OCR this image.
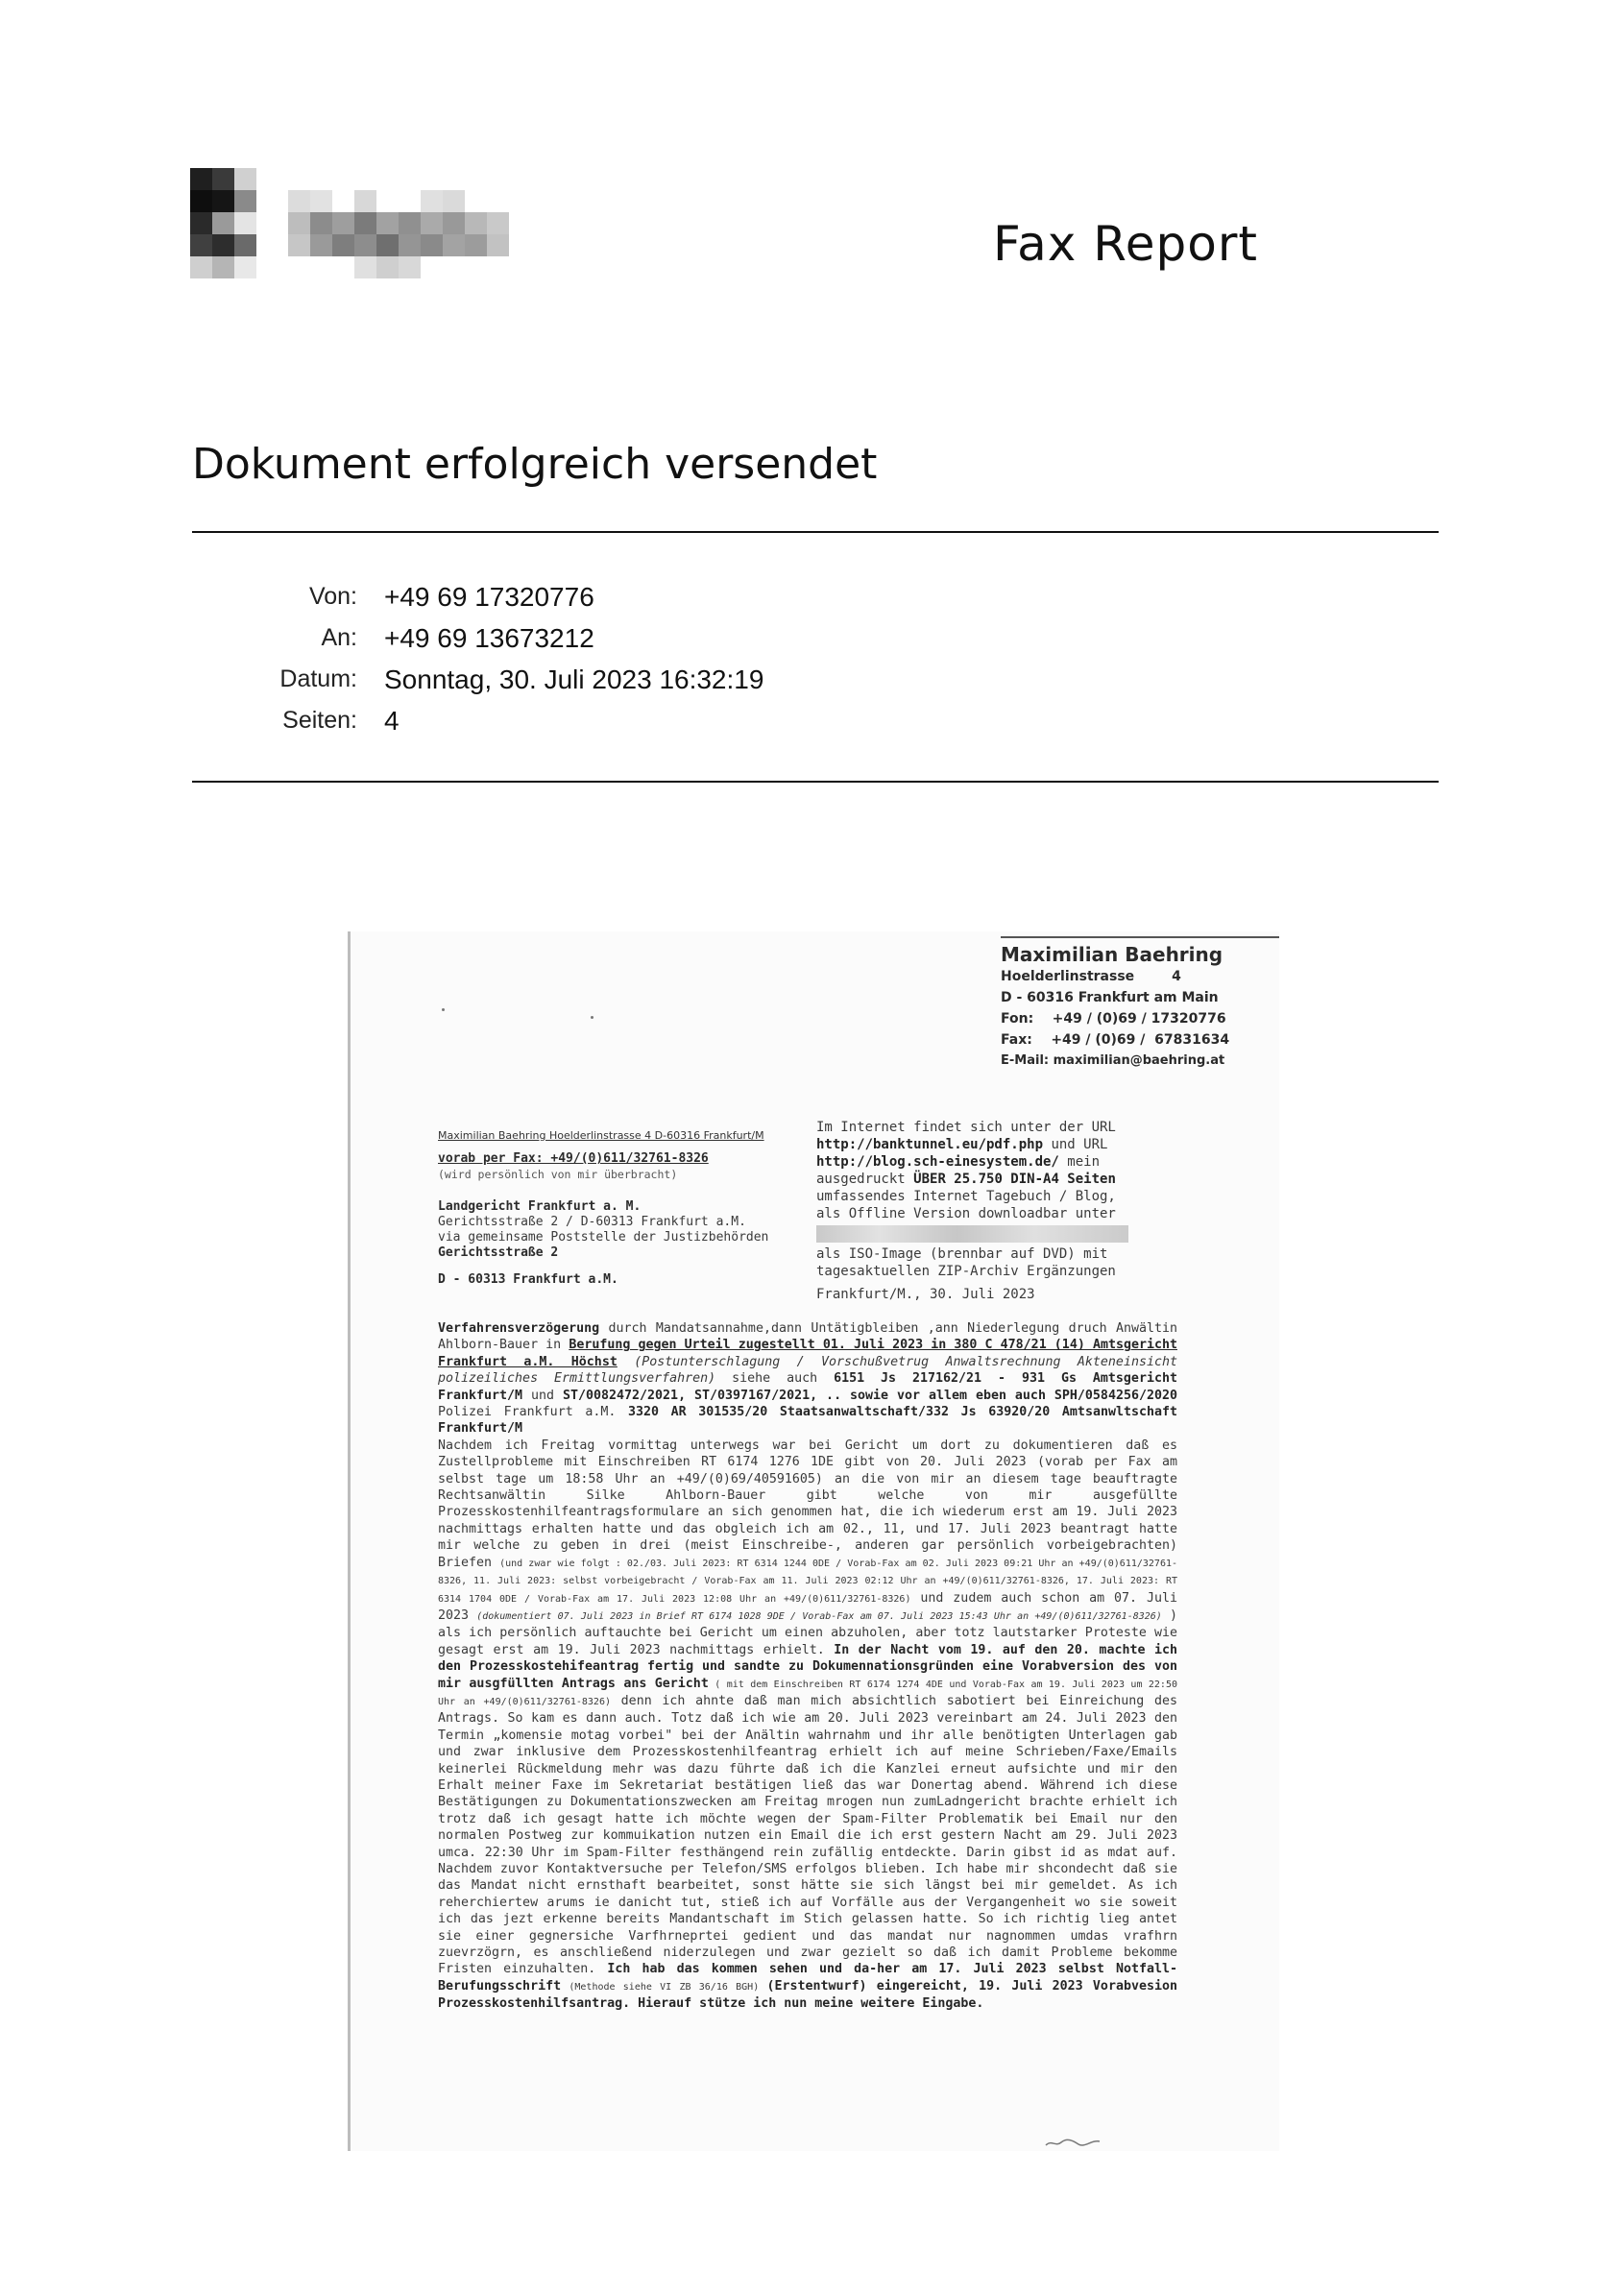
Fax Report
Dokument erfolgreich versendet
Von: +49 69 17320776
An: +49 69 13673212
Datum: Sonntag, 30. Juli 2023 16:32:19
Seiten: 4
Maximilian Baehring
Hoelderlinstrasse        4
D - 60316 Frankfurt am Main
Fon:    +49 / (0)69 / 17320776
Fax:    +49 / (0)69 /  67831634
E-Mail: maximilian@baehring.at
Maximilian Baehring Hoelderlinstrasse 4 D-60316 Frankfurt/M
vorab per Fax: +49/(0)611/32761-8326
(wird persönlich von mir überbracht)
Landgericht Frankfurt a. M.
Gerichtsstraße 2 / D-60313 Frankfurt a.M.
via gemeinsame Poststelle der Justizbehörden
Gerichtsstraße 2
D - 60313 Frankfurt a.M.
Im Internet findet sich unter der URL
http://banktunnel.eu/pdf.php und URL
http://blog.sch-einesystem.de/ mein
ausgedruckt ÜBER 25.750 DIN-A4 Seiten
umfassendes Internet Tagebuch / Blog,
als Offline Version downloadbar unter
als ISO-Image (brennbar auf DVD) mit
tagesaktuellen ZIP-Archiv Ergänzungen
Frankfurt/M., 30. Juli 2023

Verfahrensverzögerung durch Mandatsannahme,dann Untätigbleiben ,ann Niederlegung druch Anwältin Ahlborn-Bauer in Berufung gegen Urteil zugestellt 01. Juli 2023 in 380 C 478/21 (14) Amtsgericht Frankfurt a.M. Höchst (Postunterschlagung / Vorschußvetrug Anwaltsrechnung Akteneinsicht polizeiliches Ermittlungsverfahren) siehe auch 6151 Js 217162/21 - 931 Gs Amtsgericht Frankfurt/M und ST/0082472/2021, ST/0397167/2021, .. sowie vor allem eben auch SPH/0584256/2020 Polizei Frankfurt a.M. 3320 AR 301535/20 Staatsanwaltschaft/332 Js 63920/20 Amtsanwltschaft Frankfurt/M

Nachdem ich Freitag vormittag unterwegs war bei Gericht um dort zu dokumentieren daß es Zustellprobleme mit Einschreiben RT 6174 1276 1DE gibt von 20. Juli 2023 (vorab per Fax am selbst tage um 18:58 Uhr an +49/(0)69/40591605) an die von mir an diesem tage beauftragte Rechtsanwältin Silke Ahlborn-Bauer gibt welche von mir ausgefüllte Prozesskostenhilfeantragsformulare an sich genommen hat, die ich wiederum erst am 19. Juli 2023 nachmittags erhalten hatte und das obgleich ich am 02., 11, und 17. Juli 2023 beantragt hatte mir welche zu geben in drei (meist Einschreibe-, anderen gar persönlich vorbeigebrachten) Briefen (und zwar wie folgt : 02./03. Juli 2023: RT 6314 1244 0DE / Vorab-Fax am 02. Juli 2023 09:21 Uhr an +49/(0)611/32761-8326, 11. Juli 2023: selbst vorbeigebracht / Vorab-Fax am 11. Juli 2023 02:12 Uhr an +49/(0)611/32761-8326, 17. Juli 2023: RT 6314 1704 0DE / Vorab-Fax am 17. Juli 2023 12:08 Uhr an +49/(0)611/32761-8326) und zudem auch schon am 07. Juli 2023 (dokumentiert 07. Juli 2023 in Brief RT 6174 1028 9DE / Vorab-Fax am 07. Juli 2023 15:43 Uhr an +49/(0)611/32761-8326) ) als ich persönlich auftauchte bei Gericht um einen abzuholen, aber totz lautstarker Proteste wie gesagt erst am 19. Juli 2023 nachmittags erhielt. In der Nacht vom 19. auf den 20. machte ich den Prozesskostehifeantrag fertig und sandte zu Dokumennationsgründen eine Vorabversion des von mir ausgfüllten Antrags ans Gericht ( mit dem Einschreiben RT 6174 1274 4DE und Vorab-Fax am 19. Juli 2023 um 22:50 Uhr an +49/(0)611/32761-8326) denn ich ahnte daß man mich absichtlich sabotiert bei Einreichung des Antrags. So kam es dann auch. Totz daß ich wie am 20. Juli 2023 vereinbart am 24. Juli 2023 den Termin „komensie motag vorbei" bei der Anältin wahrnahm und ihr alle benötigten Unterlagen gab und zwar inklusive dem Prozesskostenhilfeantrag erhielt ich auf meine Schrieben/Faxe/Emails keinerlei Rückmeldung mehr was dazu führte daß ich die Kanzlei erneut aufsichte und mir den Erhalt meiner Faxe im Sekretariat bestätigen ließ das war Donertag abend. Während ich diese Bestätigungen zu Dokumentationszwecken am Freitag mrogen nun zumLadngericht brachte erhielt ich trotz daß ich gesagt hatte ich möchte wegen der Spam-Filter Problematik bei Email nur den normalen Postweg zur kommuikation nutzen ein Email die ich erst gestern Nacht am 29. Juli 2023 umca. 22:30 Uhr im Spam-Filter festhängend rein zufällig entdeckte. Darin gibst id as mdat auf. Nachdem zuvor Kontaktversuche per Telefon/SMS erfolgos blieben. Ich habe mir shcondecht daß sie das Mandat nicht ernsthaft bearbeitet, sonst hätte sie sich längst bei mir gemeldet. As ich reherchiertew arums ie danicht tut, stieß ich auf Vorfälle aus der Vergangenheit wo sie soweit ich das jezt erkenne bereits Mandantschaft im Stich gelassen hatte. So ich richtig lieg antet sie einer gegnersiche Varfhrneprtei gedient und das mandat nur nagnommen umdas vrafhrn zuevrzögrn, es anschließend niderzulegen und zwar gezielt so daß ich damit Probleme bekomme Fristen einzuhalten. Ich hab das kommen sehen und da-her am 17. Juli 2023 selbst Notfall-Berufungsschrift (Methode siehe VI ZB 36/16 BGH) (Erstentwurf) eingereicht, 19. Juli 2023 Vorabvesion Prozesskostenhilfsantrag. Hierauf stütze ich nun meine weitere Eingabe.
